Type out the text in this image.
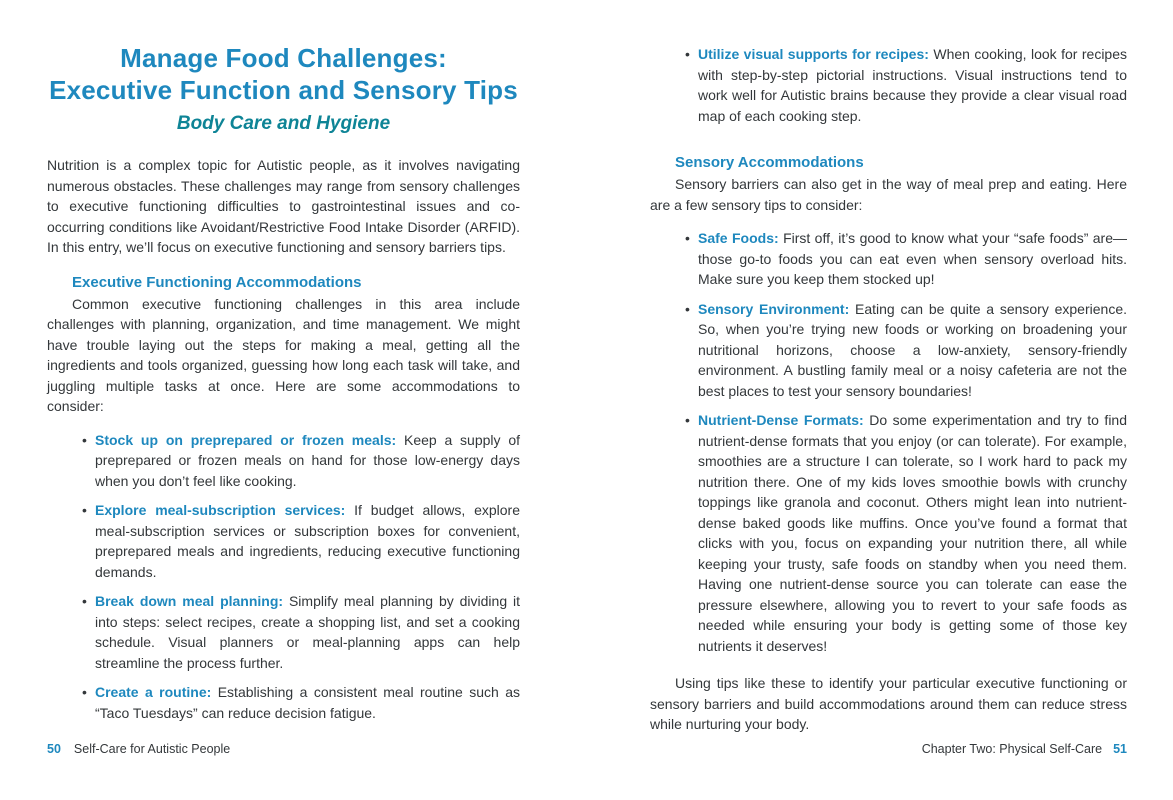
Manage Food Challenges:
Executive Function and Sensory Tips
Body Care and Hygiene

Nutrition is a complex topic for Autistic people, as it involves navigating numerous obstacles. These challenges may range from sensory challenges to executive functioning difficulties to gastrointestinal issues and co-occurring conditions like Avoidant/Restrictive Food Intake Disorder (ARFID). In this entry, we’ll focus on executive functioning and sensory barriers tips.

Executive Functioning Accommodations

Common executive functioning challenges in this area include challenges with planning, organization, and time management. We might have trouble laying out the steps for making a meal, getting all the ingredients and tools organized, guessing how long each task will take, and juggling multiple tasks at once. Here are some accommodations to consider:

• Stock up on preprepared or frozen meals: Keep a supply of preprepared or frozen meals on hand for those low-energy days when you don’t feel like cooking.
• Explore meal-subscription services: If budget allows, explore meal-subscription services or subscription boxes for convenient, preprepared meals and ingredients, reducing executive functioning demands.
• Break down meal planning: Simplify meal planning by dividing it into steps: select recipes, create a shopping list, and set a cooking schedule. Visual planners or meal-planning apps can help streamline the process further.
• Create a routine: Establishing a consistent meal routine such as “Taco Tuesdays” can reduce decision fatigue.
• Utilize visual supports for recipes: When cooking, look for recipes with step-by-step pictorial instructions. Visual instructions tend to work well for Autistic brains because they provide a clear visual road map of each cooking step.
Sensory Accommodations

Sensory barriers can also get in the way of meal prep and eating. Here are a few sensory tips to consider:

• Safe Foods: First off, it’s good to know what your “safe foods” are—those go-to foods you can eat even when sensory overload hits. Make sure you keep them stocked up!
• Sensory Environment: Eating can be quite a sensory experience. So, when you’re trying new foods or working on broadening your nutritional horizons, choose a low-anxiety, sensory-friendly environment. A bustling family meal or a noisy cafeteria are not the best places to test your sensory boundaries!
• Nutrient-Dense Formats: Do some experimentation and try to find nutrient-dense formats that you enjoy (or can tolerate). For example, smoothies are a structure I can tolerate, so I work hard to pack my nutrition there. One of my kids loves smoothie bowls with crunchy toppings like granola and coconut. Others might lean into nutrient-dense baked goods like muffins. Once you’ve found a format that clicks with you, focus on expanding your nutrition there, all while keeping your trusty, safe foods on standby when you need them. Having one nutrient-dense source you can tolerate can ease the pressure elsewhere, allowing you to revert to your safe foods as needed while ensuring your body is getting some of those key nutrients it deserves!

Using tips like these to identify your particular executive functioning or sensory barriers and build accommodations around them can reduce stress while nurturing your body.

50 Self-Care for Autistic People	Chapter Two: Physical Self-Care 51
